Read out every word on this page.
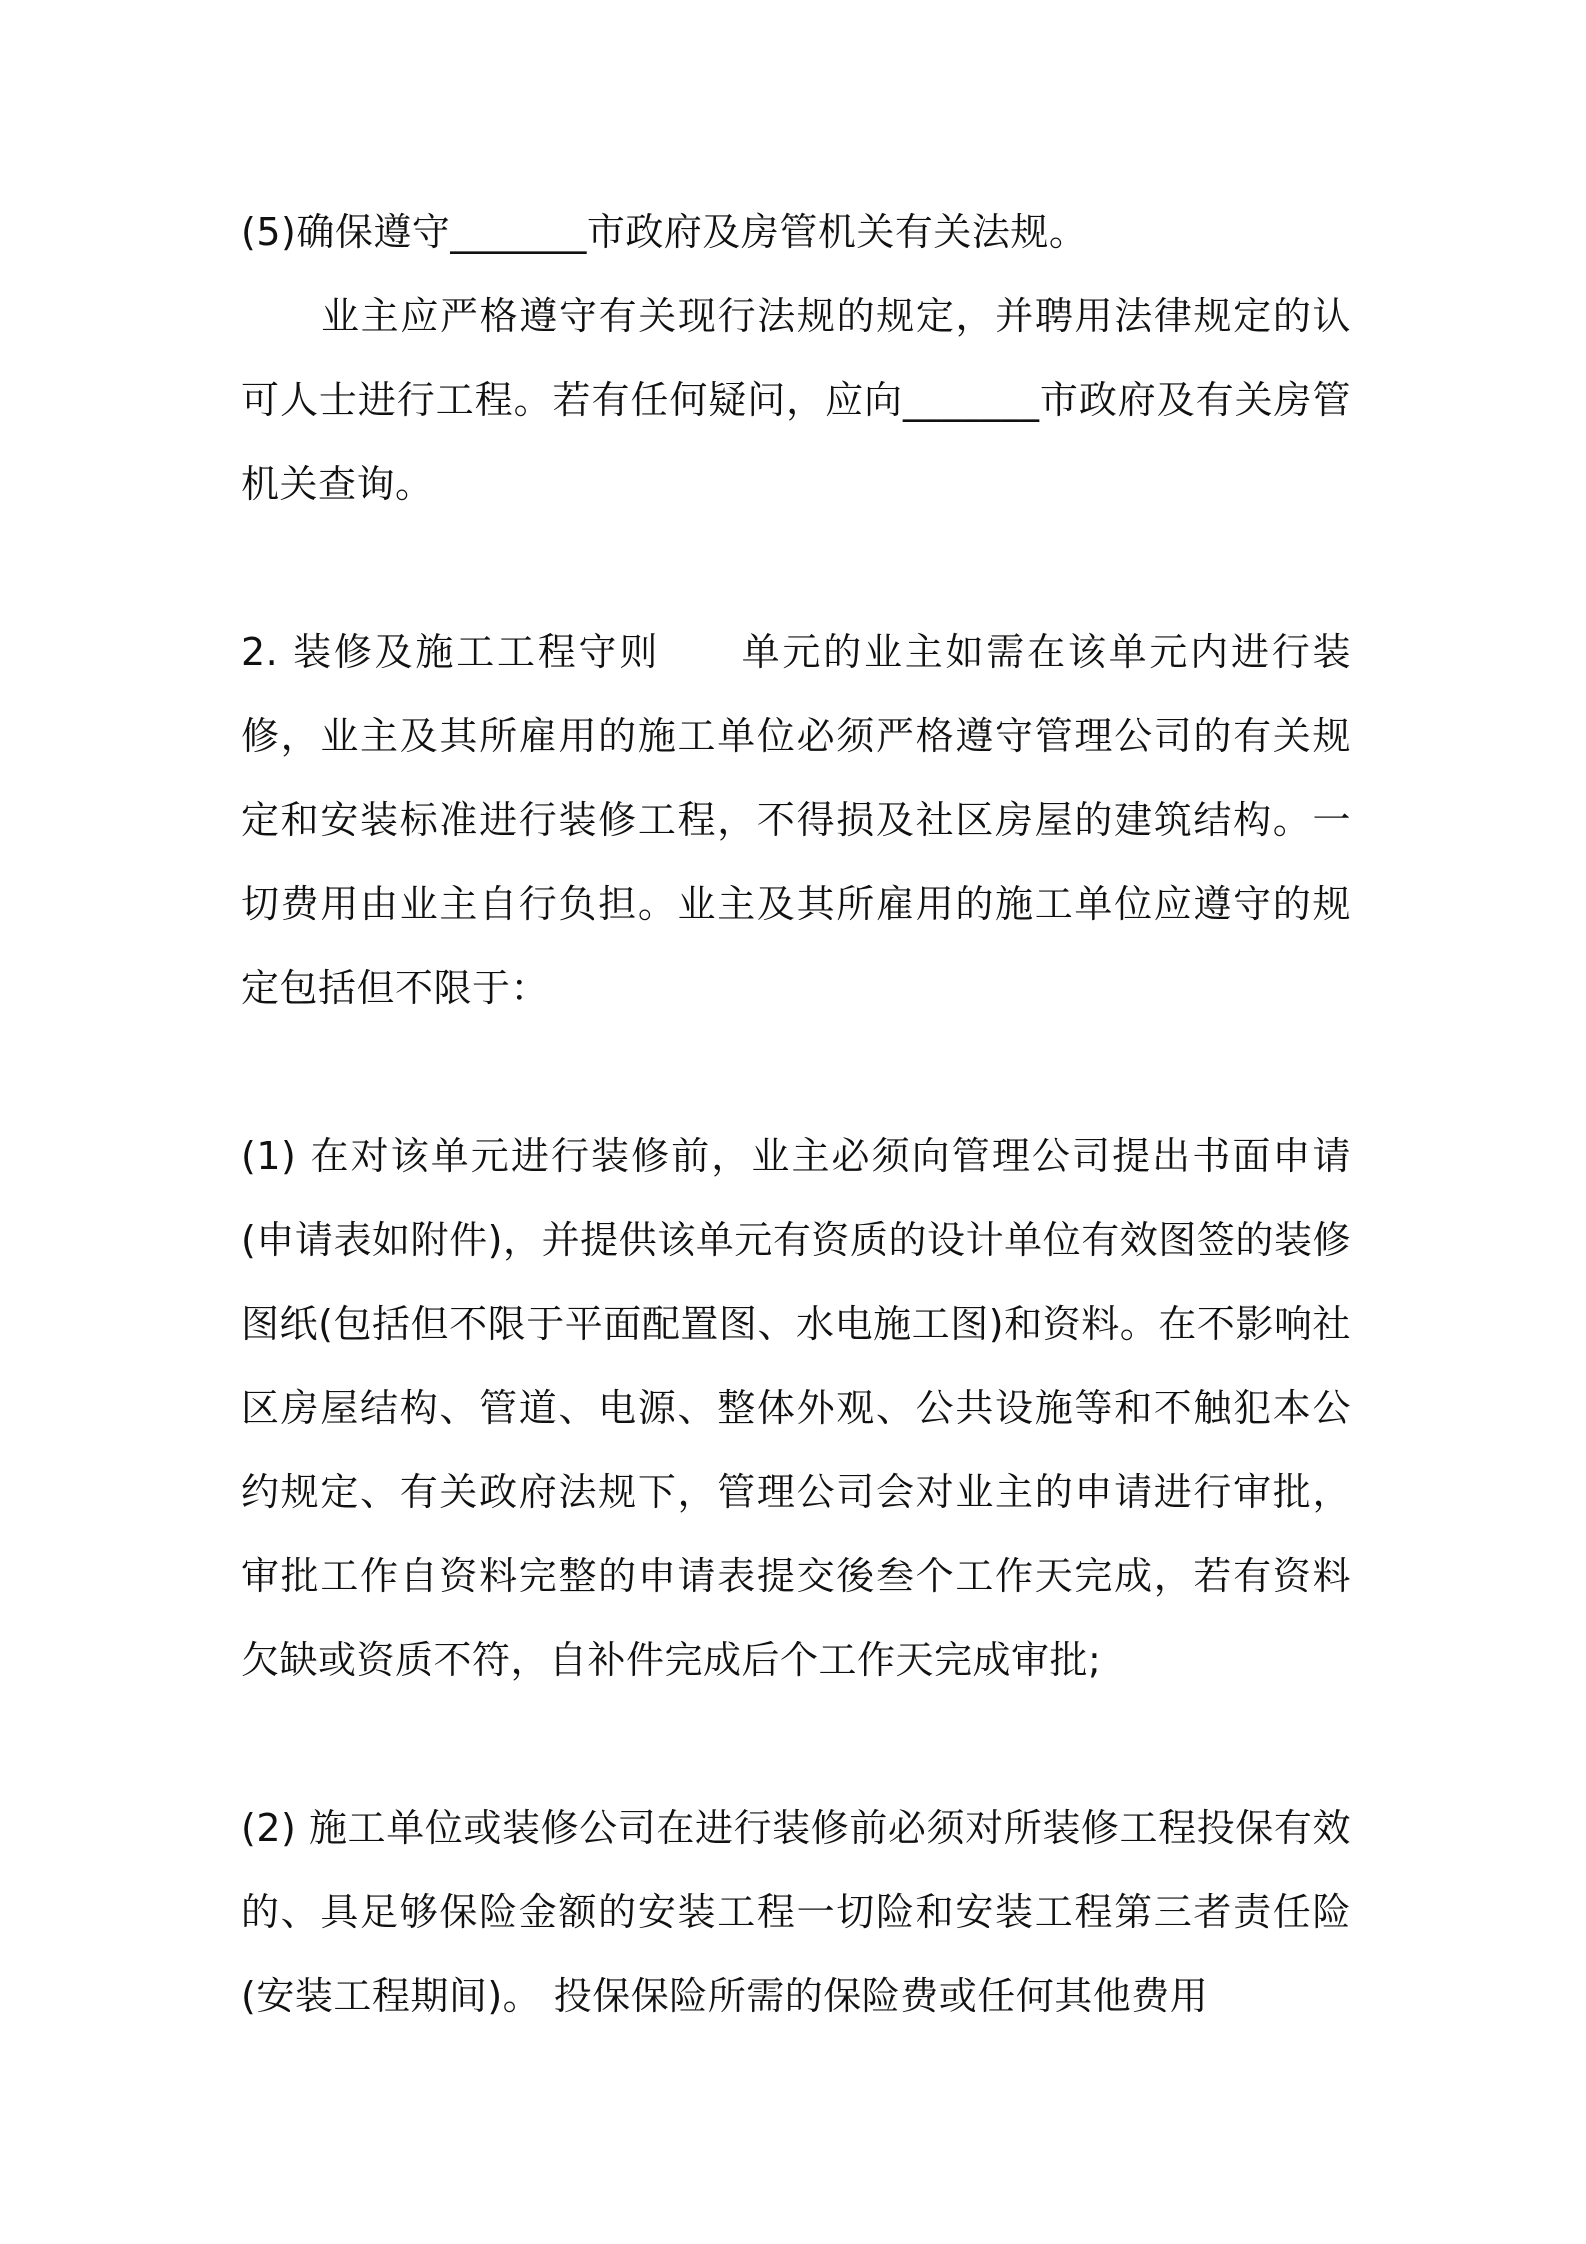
(5)确保遵守_______市政府及房管机关有关法规。

业主应严格遵守有关现行法规的规定，并聘用法律规定的认可人士进行工程。若有任何疑问，应向_______市政府及有关房管机关查询。

2. 装修及施工工程守则　　单元的业主如需在该单元内进行装修，业主及其所雇用的施工单位必须严格遵守管理公司的有关规定和安装标准进行装修工程，不得损及社区房屋的建筑结构。一切费用由业主自行负担。业主及其所雇用的施工单位应遵守的规定包括但不限于：

(1) 在对该单元进行装修前，业主必须向管理公司提出书面申请(申请表如附件)，并提供该单元有资质的设计单位有效图签的装修图纸(包括但不限于平面配置图、水电施工图)和资料。在不影响社区房屋结构、管道、电源、整体外观、公共设施等和不触犯本公约规定、有关政府法规下，管理公司会对业主的申请进行审批，审批工作自资料完整的申请表提交後叁个工作天完成，若有资料欠缺或资质不符，自补件完成后个工作天完成审批;

(2) 施工单位或装修公司在进行装修前必须对所装修工程投保有效的、具足够保险金额的安装工程一切险和安装工程第三者责任险(安装工程期间)。 投保保险所需的保险费或任何其他费用
